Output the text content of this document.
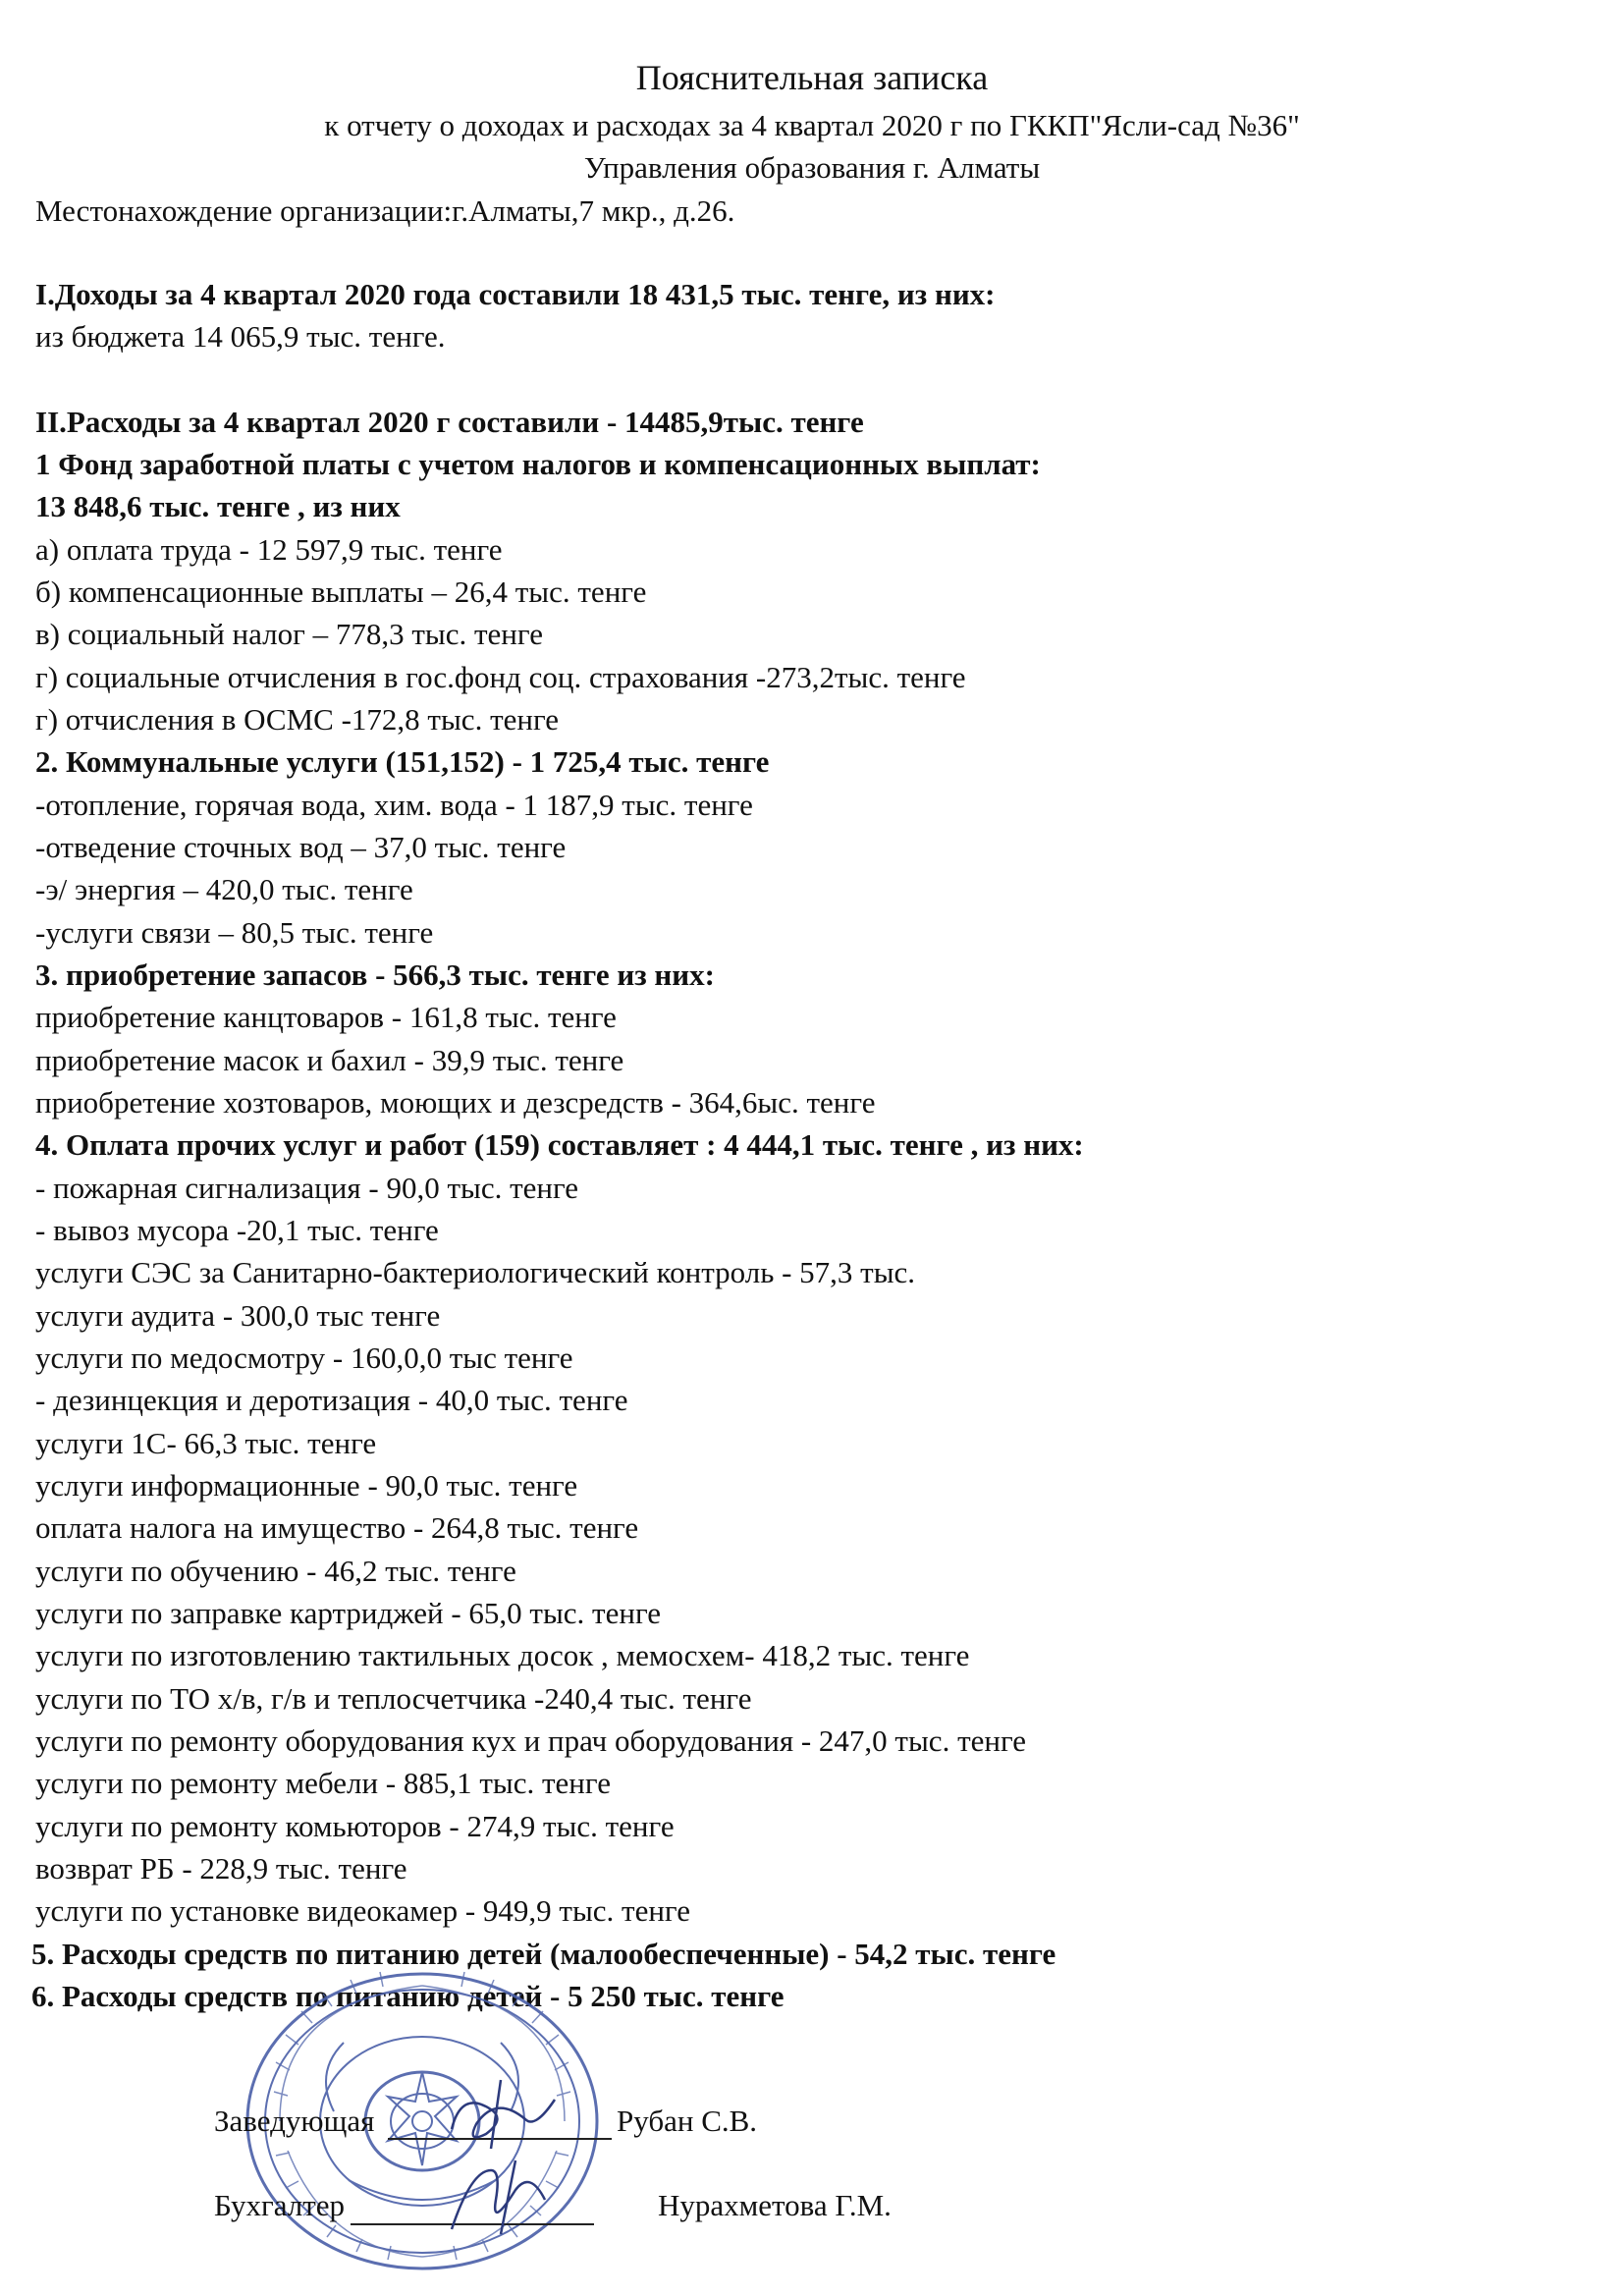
Пояснительная записка
к отчету о доходах и расходах за 4 квартал 2020 г по ГККП"Ясли-сад №36"
Управления образования г. Алматы
Местонахождение организации:г.Алматы,7 мкр., д.26.
I.Доходы за 4 квартал 2020 года составили 18 431,5 тыс. тенге, из них:
из бюджета 14 065,9 тыс. тенге.
II.Расходы за 4 квартал 2020 г составили - 14485,9тыс. тенге
1 Фонд заработной платы с учетом налогов и компенсационных выплат:
13 848,6 тыс. тенге , из них
а) оплата труда - 12 597,9 тыс. тенге
б) компенсационные выплаты – 26,4 тыс. тенге
в) социальный налог – 778,3 тыс. тенге
г) социальные отчисления в гос.фонд соц. страхования -273,2тыс. тенге
г) отчисления в ОСМС -172,8 тыс. тенге
2. Коммунальные услуги (151,152) - 1 725,4 тыс. тенге
-отопление, горячая вода, хим. вода - 1 187,9 тыс. тенге
-отведение сточных вод – 37,0 тыс. тенге
-э/ энергия – 420,0 тыс. тенге
-услуги связи – 80,5 тыс. тенге
3. приобретение запасов - 566,3 тыс. тенге из них:
приобретение канцтоваров - 161,8 тыс. тенге
приобретение масок и бахил - 39,9 тыс. тенге
приобретение хозтоваров, моющих и дезсредств - 364,6ыс. тенге
4. Оплата прочих услуг и работ (159) составляет : 4 444,1 тыс. тенге , из них:
- пожарная сигнализация - 90,0 тыс. тенге
- вывоз мусора -20,1 тыс. тенге
услуги СЭС за Санитарно-бактериологический контроль - 57,3 тыс.
услуги аудита - 300,0 тыс тенге
услуги по медосмотру - 160,0,0 тыс тенге
- дезинцекция и деротизация - 40,0 тыс. тенге
услуги 1С- 66,3 тыс. тенге
услуги информационные - 90,0 тыс. тенге
оплата налога на имущество - 264,8 тыс. тенге
услуги по обучению - 46,2 тыс. тенге
услуги по заправке картриджей - 65,0 тыс. тенге
услуги по изготовлению тактильных досок , мемосхем- 418,2 тыс. тенге
услуги по ТО х/в, г/в и теплосчетчика -240,4 тыс. тенге
услуги по ремонту оборудования кух и прач оборудования - 247,0 тыс. тенге
услуги по ремонту мебели - 885,1 тыс. тенге
услуги по ремонту комьюторов - 274,9 тыс. тенге
возврат РБ - 228,9 тыс. тенге
услуги по установке видеокамер - 949,9 тыс. тенге
5. Расходы средств по питанию детей (малообеспеченные) - 54,2 тыс. тенге
6. Расходы средств по питанию детей - 5 250 тыс. тенге
Заведующая	Рубан С.В.
Бухгалтер	Нурахметова Г.М.
